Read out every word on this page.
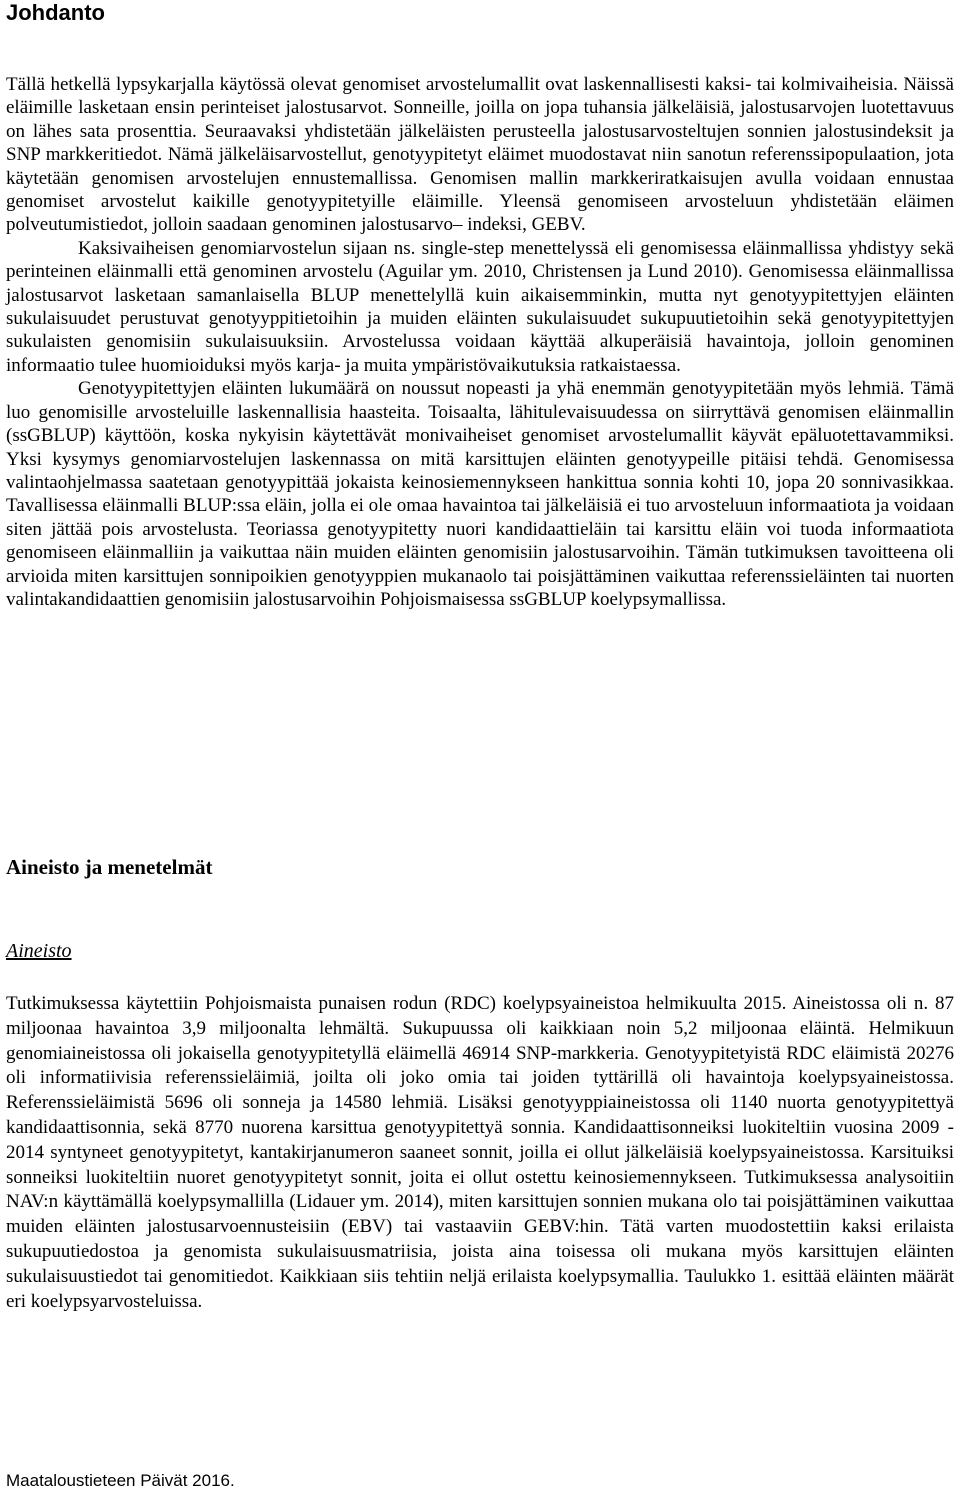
Johdanto

Tällä hetkellä lypsykarjalla käytössä olevat genomiset arvostelumallit ovat laskennallisesti kaksi- tai kolmivaiheisia. Näissä eläimille lasketaan ensin perinteiset jalostusarvot. Sonneille, joilla on jopa tuhansia jälkeläisiä, jalostusarvojen luotettavuus on lähes sata prosenttia. Seuraavaksi yhdistetään jälkeläisten perusteella jalostusarvosteltujen sonnien jalostusindeksit ja SNP markkeritiedot. Nämä jälkeläisarvostellut, genotyypitetyt eläimet muodostavat niin sanotun referenssipopulaation, jota käytetään genomisen arvostelujen ennustemallissa. Genomisen mallin markkeriratkaisujen avulla voidaan ennustaa genomiset arvostelut kaikille genotyypitetyille eläimille. Yleensä genomiseen arvosteluun yhdistetään eläimen polveutumistiedot, jolloin saadaan genominen jalostusarvo– indeksi, GEBV.

Kaksivaiheisen genomiarvostelun sijaan ns. single-step menettelyssä eli genomisessa eläinmallissa yhdistyy sekä perinteinen eläinmalli että genominen arvostelu (Aguilar ym. 2010, Christensen ja Lund 2010). Genomisessa eläinmallissa jalostusarvot lasketaan samanlaisella BLUP menettelyllä kuin aikaisemminkin, mutta nyt genotyypitettyjen eläinten sukulaisuudet perustuvat genotyyppitietoihin ja muiden eläinten sukulaisuudet sukupuutietoihin sekä genotyypitettyjen sukulaisten genomisiin sukulaisuuksiin. Arvostelussa voidaan käyttää alkuperäisiä havaintoja, jolloin genominen informaatio tulee huomioiduksi myös karja- ja muita ympäristövaikutuksia ratkaistaessa.

Genotyypitettyjen eläinten lukumäärä on noussut nopeasti ja yhä enemmän genotyypitetään myös lehmiä. Tämä luo genomisille arvosteluille laskennallisia haasteita. Toisaalta, lähitulevaisuudessa on siirryttävä genomisen eläinmallin (ssGBLUP) käyttöön, koska nykyisin käytettävät monivaiheiset genomiset arvostelumallit käyvät epäluotettavammiksi. Yksi kysymys genomiarvostelujen laskennassa on mitä karsittujen eläinten genotyypeille pitäisi tehdä. Genomisessa valintaohjelmassa saatetaan genotyypittää jokaista keinosiemennykseen hankittua sonnia kohti 10, jopa 20 sonnivasikkaa. Tavallisessa eläinmalli BLUP:ssa eläin, jolla ei ole omaa havaintoa tai jälkeläisiä ei tuo arvosteluun informaatiota ja voidaan siten jättää pois arvostelusta. Teoriassa genotyypitetty nuori kandidaattieläin tai karsittu eläin voi tuoda informaatiota genomiseen eläinmalliin ja vaikuttaa näin muiden eläinten genomisiin jalostusarvoihin. Tämän tutkimuksen tavoitteena oli arvioida miten karsittujen sonnipoikien genotyyppien mukanaolo tai poisjättäminen vaikuttaa referenssieläinten tai nuorten valintakandidaattien genomisiin jalostusarvoihin Pohjoismaisessa ssGBLUP koelypsymallissa.

Aineisto ja menetelmät
Aineisto

Tutkimuksessa käytettiin Pohjoismaista punaisen rodun (RDC) koelypsyaineistoa helmikuulta 2015. Aineistossa oli n. 87 miljoonaa havaintoa 3,9 miljoonalta lehmältä. Sukupuussa oli kaikkiaan noin 5,2 miljoonaa eläintä. Helmikuun genomiaineistossa oli jokaisella genotyypitetyllä eläimellä 46914 SNP-markkeria. Genotyypitetyistä RDC eläimistä 20276 oli informatiivisia referenssieläimiä, joilta oli joko omia tai joiden tyttärillä oli havaintoja koelypsyaineistossa. Referenssieläimistä 5696 oli sonneja ja 14580 lehmiä. Lisäksi genotyyppiaineistossa oli 1140 nuorta genotyypitettyä kandidaattisonnia, sekä 8770 nuorena karsittua genotyypitettyä sonnia. Kandidaattisonneiksi luokiteltiin vuosina 2009 - 2014 syntyneet genotyypitetyt, kantakirjanumeron saaneet sonnit, joilla ei ollut jälkeläisiä koelypsyaineistossa. Karsituiksi sonneiksi luokiteltiin nuoret genotyypitetyt sonnit, joita ei ollut ostettu keinosiemennykseen. Tutkimuksessa analysoitiin NAV:n käyttämällä koelypsymallilla (Lidauer ym. 2014), miten karsittujen sonnien mukana olo tai poisjättäminen vaikuttaa muiden eläinten jalostusarvoennusteisiin (EBV) tai vastaaviin GEBV:hin. Tätä varten muodostettiin kaksi erilaista sukupuutiedostoa ja genomista sukulaisuusmatriisia, joista aina toisessa oli mukana myös karsittujen eläinten sukulaisuustiedot tai genomitiedot. Kaikkiaan siis tehtiin neljä erilaista koelypsymallia. Taulukko 1. esittää eläinten määrät eri koelypsyarvosteluissa.

Maataloustieteen Päivät 2016.
